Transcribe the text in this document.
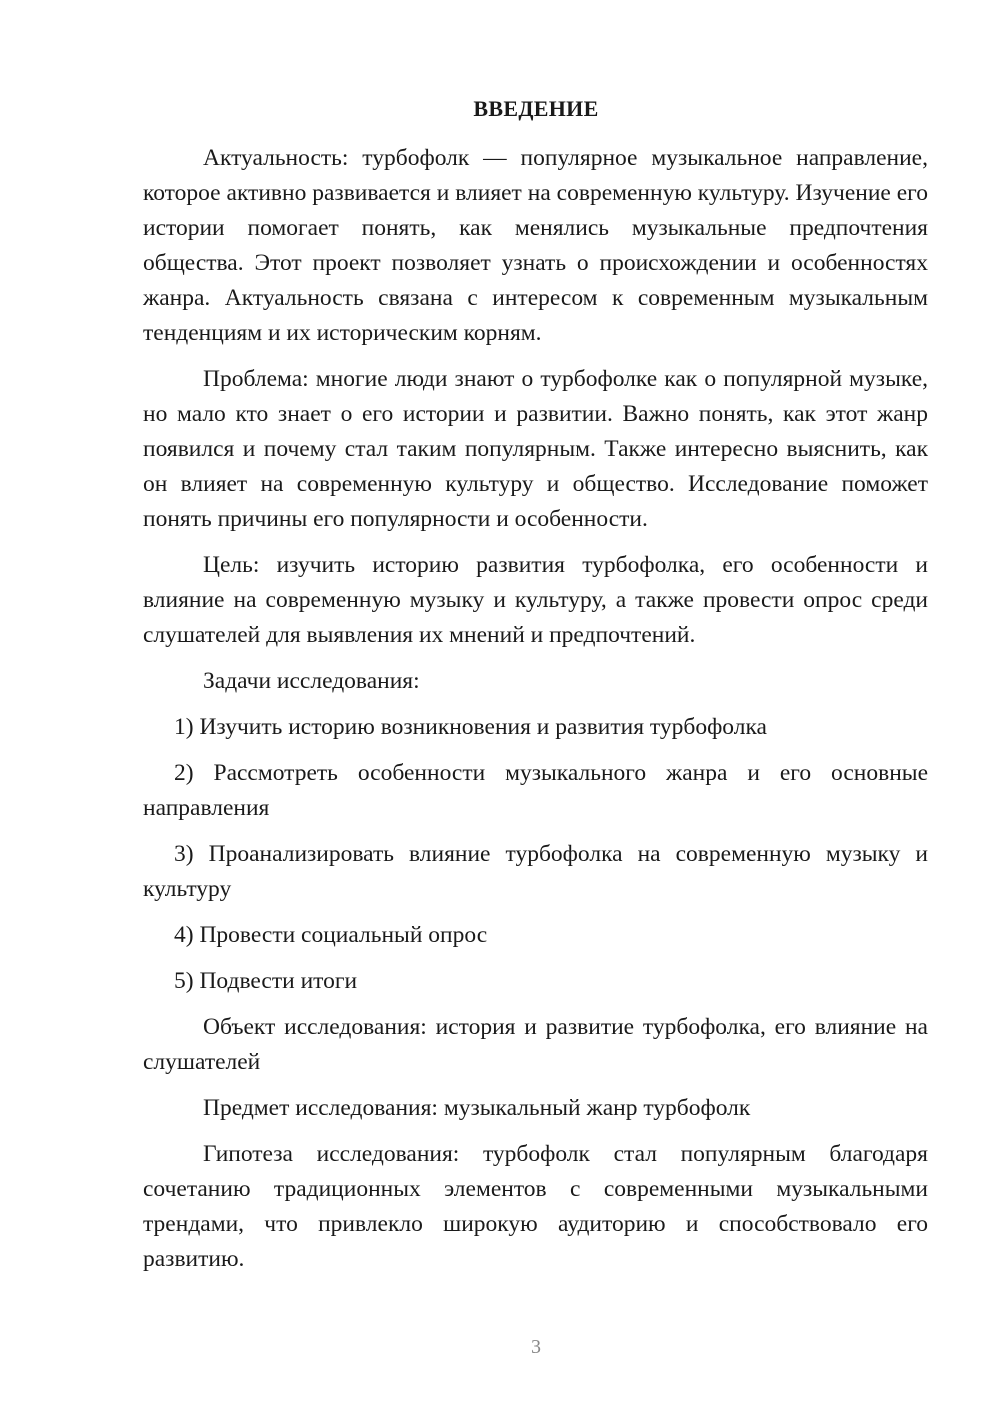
ВВЕДЕНИЕ

Актуальность: турбофолк — популярное музыкальное направление, которое активно развивается и влияет на современную культуру. Изучение его истории помогает понять, как менялись музыкальные предпочтения общества. Этот проект позволяет узнать о происхождении и особенностях жанра. Актуальность связана с интересом к современным музыкальным тенденциям и их историческим корням.

Проблема: многие люди знают о турбофолке как о популярной музыке, но мало кто знает о его истории и развитии. Важно понять, как этот жанр появился и почему стал таким популярным. Также интересно выяснить, как он влияет на современную культуру и общество. Исследование поможет понять причины его популярности и особенности.

Цель: изучить историю развития турбофолка, его особенности и влияние на современную музыку и культуру, а также провести опрос среди слушателей для выявления их мнений и предпочтений.

Задачи исследования:

1) Изучить историю возникновения и развития турбофолка

2) Рассмотреть особенности музыкального жанра и его основные направления

3) Проанализировать влияние турбофолка на современную музыку и культуру

4) Провести социальный опрос

5) Подвести итоги

Объект исследования: история и развитие турбофолка, его влияние на слушателей

Предмет исследования: музыкальный жанр турбофолк

Гипотеза исследования: турбофолк стал популярным благодаря сочетанию традиционных элементов с современными музыкальными трендами, что привлекло широкую аудиторию и способствовало его развитию.

3
